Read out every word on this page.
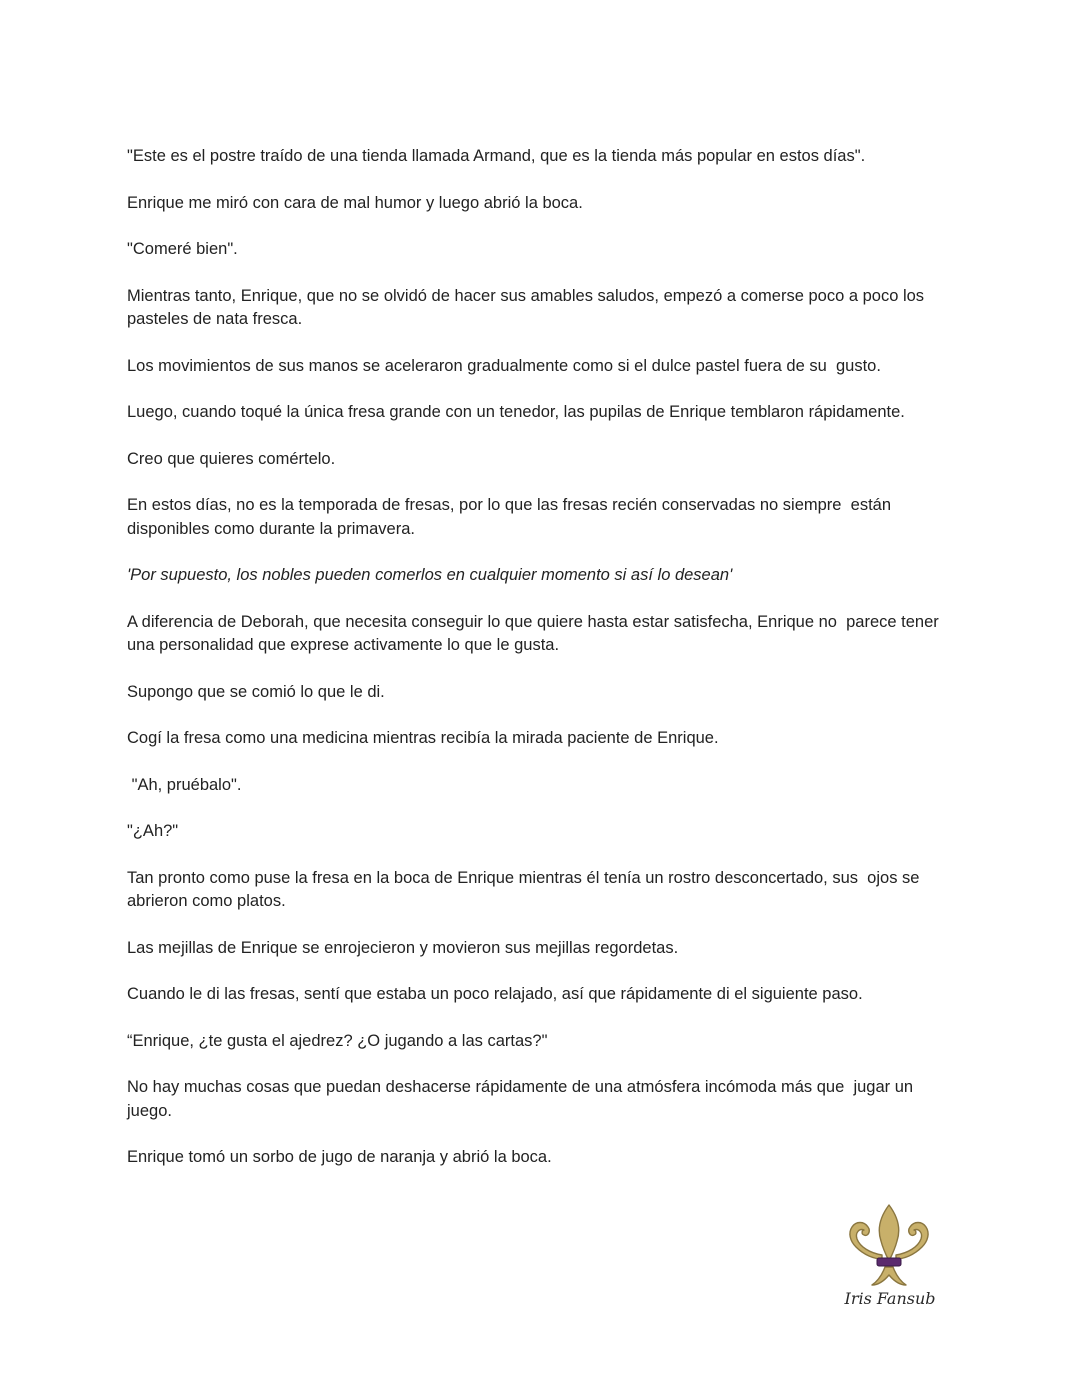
"Este es el postre traído de una tienda llamada Armand, que es la tienda más popular en estos días".

Enrique me miró con cara de mal humor y luego abrió la boca.

"Comeré bien".

Mientras tanto, Enrique, que no se olvidó de hacer sus amables saludos, empezó a comerse poco a poco los pasteles de nata fresca.

Los movimientos de sus manos se aceleraron gradualmente como si el dulce pastel fuera de su  gusto.

Luego, cuando toqué la única fresa grande con un tenedor, las pupilas de Enrique temblaron rápidamente.

Creo que quieres comértelo.

En estos días, no es la temporada de fresas, por lo que las fresas recién conservadas no siempre  están disponibles como durante la primavera.

'Por supuesto, los nobles pueden comerlos en cualquier momento si así lo desean'

A diferencia de Deborah, que necesita conseguir lo que quiere hasta estar satisfecha, Enrique no  parece tener una personalidad que exprese activamente lo que le gusta.

Supongo que se comió lo que le di.

Cogí la fresa como una medicina mientras recibía la mirada paciente de Enrique.

"Ah, pruébalo".

"¿Ah?"

Tan pronto como puse la fresa en la boca de Enrique mientras él tenía un rostro desconcertado, sus  ojos se abrieron como platos.

Las mejillas de Enrique se enrojecieron y movieron sus mejillas regordetas.

Cuando le di las fresas, sentí que estaba un poco relajado, así que rápidamente di el siguiente paso.

“Enrique, ¿te gusta el ajedrez? ¿O jugando a las cartas?"

No hay muchas cosas que puedan deshacerse rápidamente de una atmósfera incómoda más que  jugar un juego.

Enrique tomó un sorbo de jugo de naranja y abrió la boca.

Iris Fansub
